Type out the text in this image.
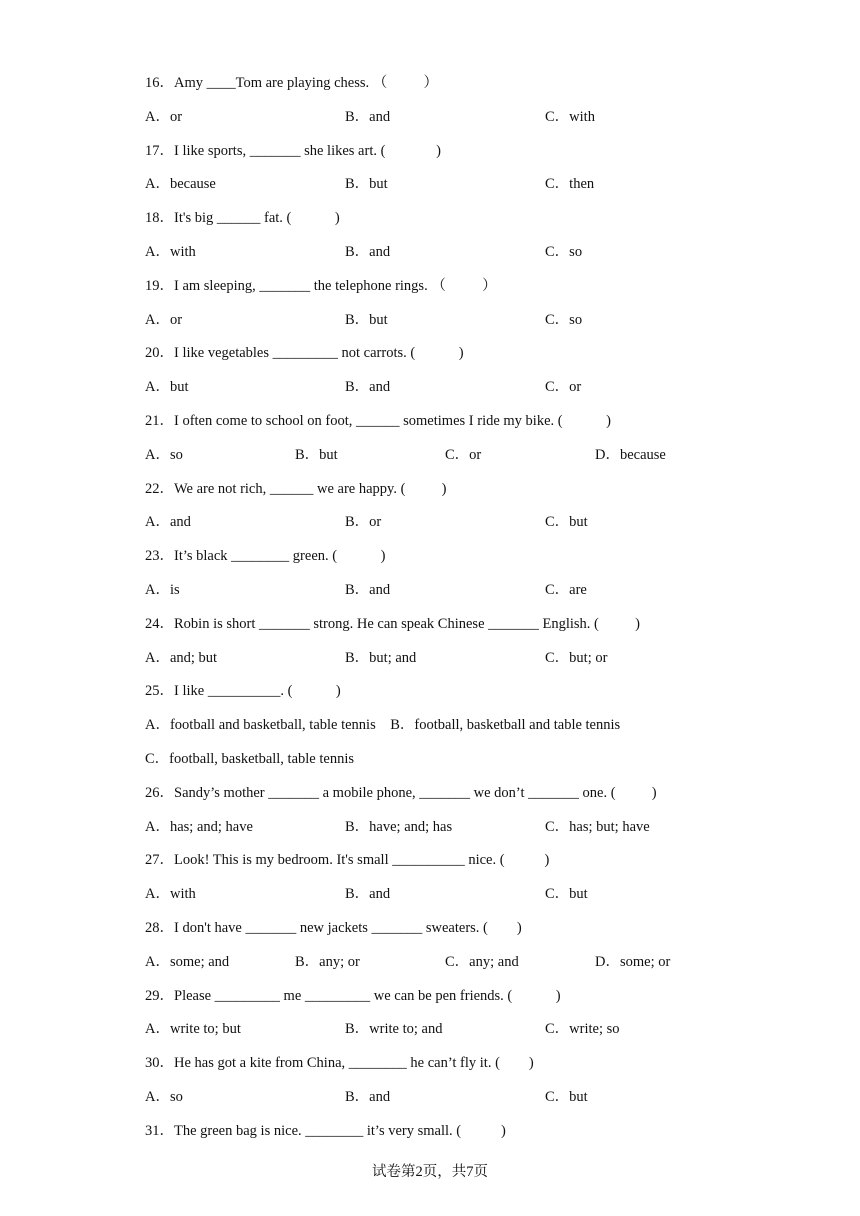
16．Amy ____Tom are playing chess. （          ）
A．or	B．and	C．with
17．I like sports, _______ she likes art. (              )
A．because	B．but	C．then
18．It's big ______ fat. (            )
A．with	B．and	C．so
19．I am sleeping, _______ the telephone rings. （          ）
A．or	B．but	C．so
20．I like vegetables _________ not carrots. (            )
A．but	B．and	C．or
21．I often come to school on foot, ______ sometimes I ride my bike. (            )
A．so	B．but	C．or	D．because
22．We are not rich, ______ we are happy. (          )
A．and	B．or	C．but
23．It’s black ________ green. (            )
A．is	B．and	C．are
24．Robin is short _______ strong. He can speak Chinese _______ English. (          )
A．and; but	B．but; and	C．but; or
25．I like __________. (            )
A．football and basketball, table tennis    B．football, basketball and table tennis
C．football, basketball, table tennis
26．Sandy’s mother _______ a mobile phone, _______ we don’t _______ one. (          )
A．has; and; have	B．have; and; has	C．has; but; have
27．Look! This is my bedroom. It's small __________ nice. (           )
A．with	B．and	C．but
28．I don't have _______ new jackets _______ sweaters. (        )
A．some; and	B．any; or	C．any; and	D．some; or
29．Please _________ me _________ we can be pen friends. (            )
A．write to; but	B．write to; and	C．write; so
30．He has got a kite from China, ________ he can’t fly it. (        )
A．so	B．and	C．but
31．The green bag is nice. ________ it’s very small. (           )
试卷第2页，共7页
